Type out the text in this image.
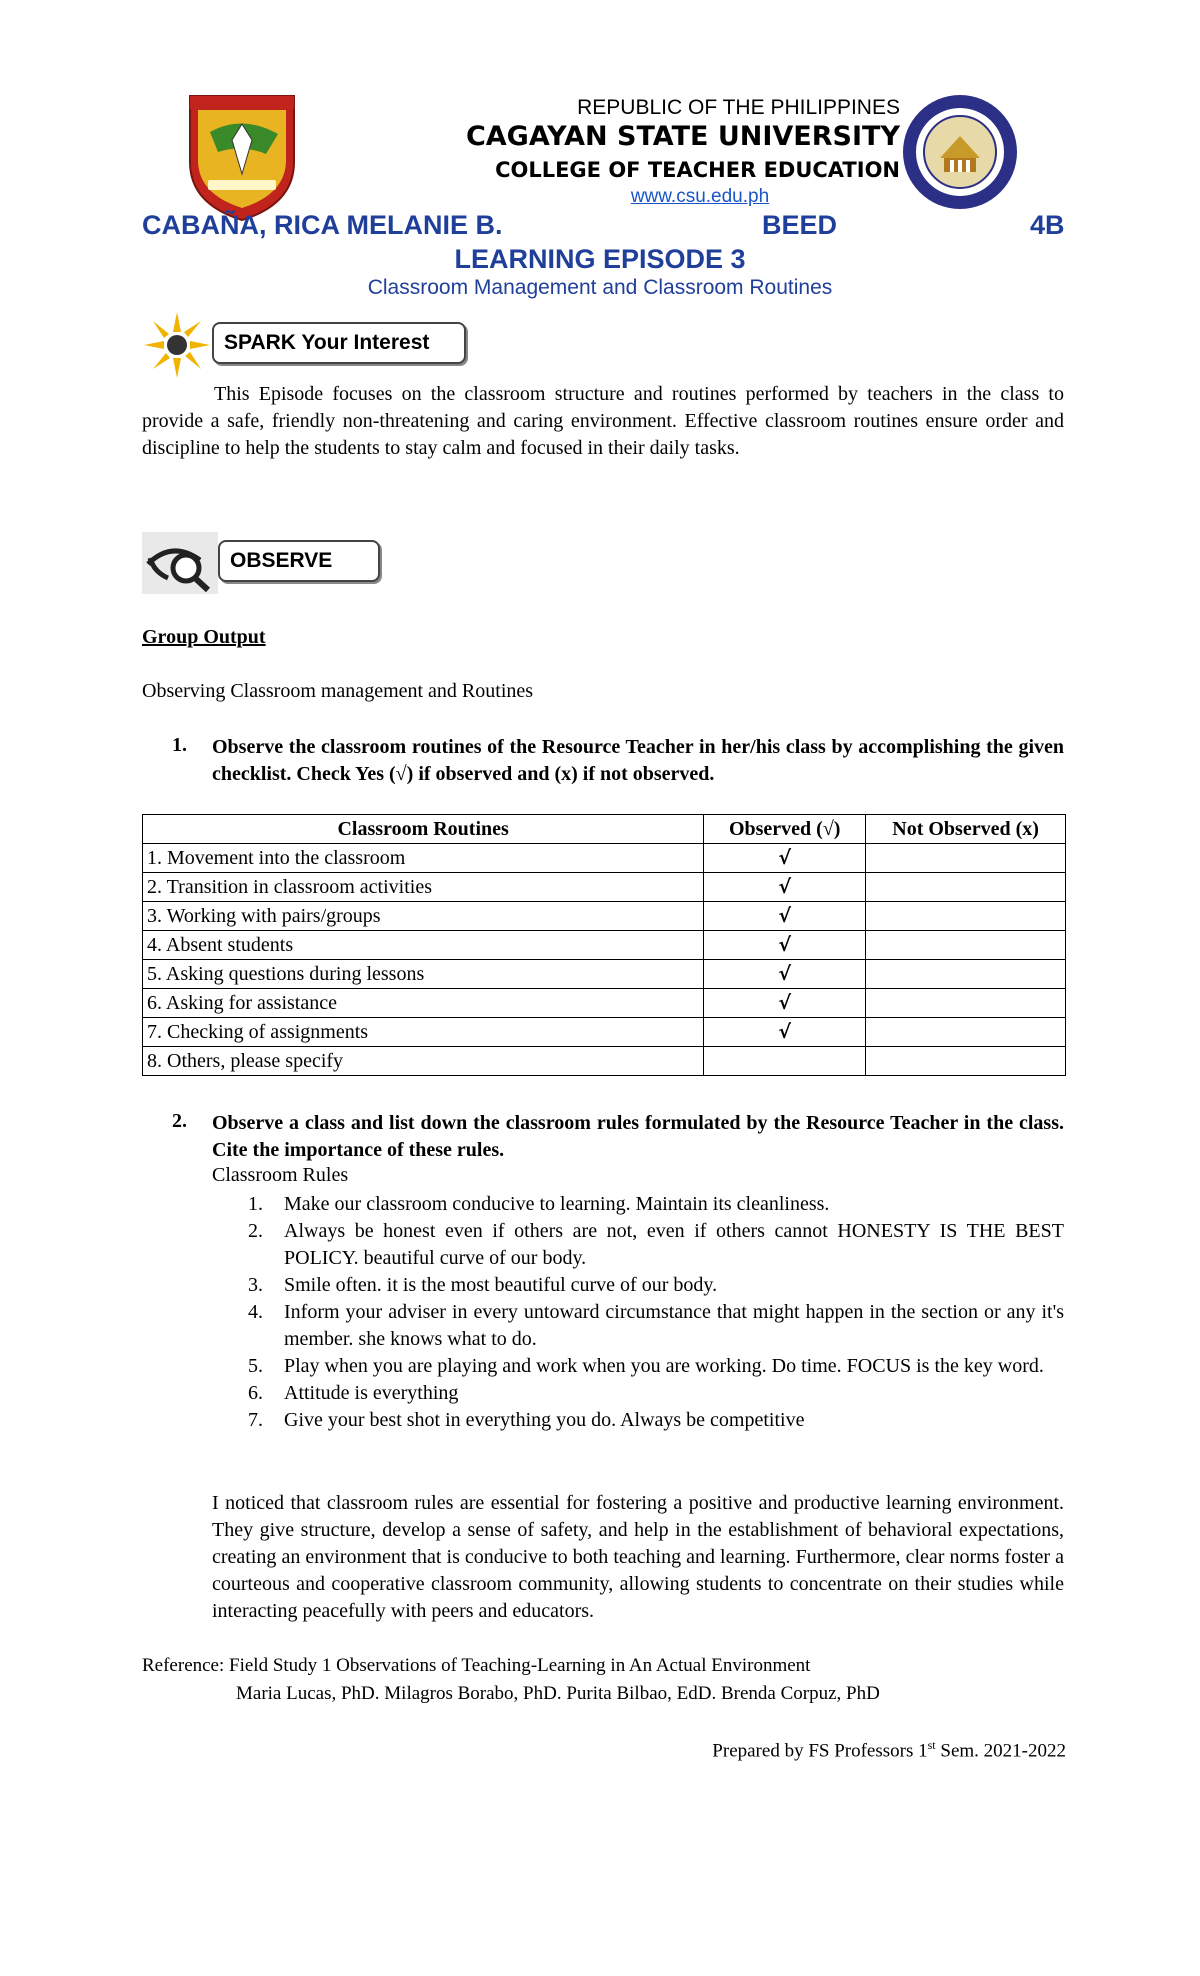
REPUBLIC OF THE PHILIPPINES
CAGAYAN STATE UNIVERSITY
COLLEGE OF TEACHER EDUCATION
www.csu.edu.ph
CABAÑA, RICA MELANIE B.	BEED	4B
LEARNING EPISODE 3
Classroom Management and Classroom Routines
SPARK Your Interest
This Episode focuses on the classroom structure and routines performed by teachers in the class to provide a safe, friendly non-threatening and caring environment. Effective classroom routines ensure order and discipline to help the students to stay calm and focused in their daily tasks.
OBSERVE
Group Output
Observing Classroom management and Routines
1. Observe the classroom routines of the Resource Teacher in her/his class by accomplishing the given checklist. Check Yes (√) if observed and (x) if not observed.
Classroom Routines	Observed (√)	Not Observed (x)
1. Movement into the classroom	√	
2. Transition in classroom activities	√	
3. Working with pairs/groups	√	
4. Absent students	√	
5. Asking questions during lessons	√	
6. Asking for assistance	√	
7. Checking of assignments	√	
8. Others, please specify		
2. Observe a class and list down the classroom rules formulated by the Resource Teacher in the class. Cite the importance of these rules.
Classroom Rules
1. Make our classroom conducive to learning. Maintain its cleanliness.
2. Always be honest even if others are not, even if others cannot HONESTY IS THE BEST POLICY. beautiful curve of our body.
3. Smile often. it is the most beautiful curve of our body.
4. Inform your adviser in every untoward circumstance that might happen in the section or any it's member. she knows what to do.
5. Play when you are playing and work when you are working. Do time. FOCUS is the key word.
6. Attitude is everything
7. Give your best shot in everything you do. Always be competitive
I noticed that classroom rules are essential for fostering a positive and productive learning environment. They give structure, develop a sense of safety, and help in the establishment of behavioral expectations, creating an environment that is conducive to both teaching and learning. Furthermore, clear norms foster a courteous and cooperative classroom community, allowing students to concentrate on their studies while interacting peacefully with peers and educators.
Reference: Field Study 1 Observations of Teaching-Learning in An Actual Environment
Maria Lucas, PhD. Milagros Borabo, PhD. Purita Bilbao, EdD. Brenda Corpuz, PhD
Prepared by FS Professors 1st Sem. 2021-2022
